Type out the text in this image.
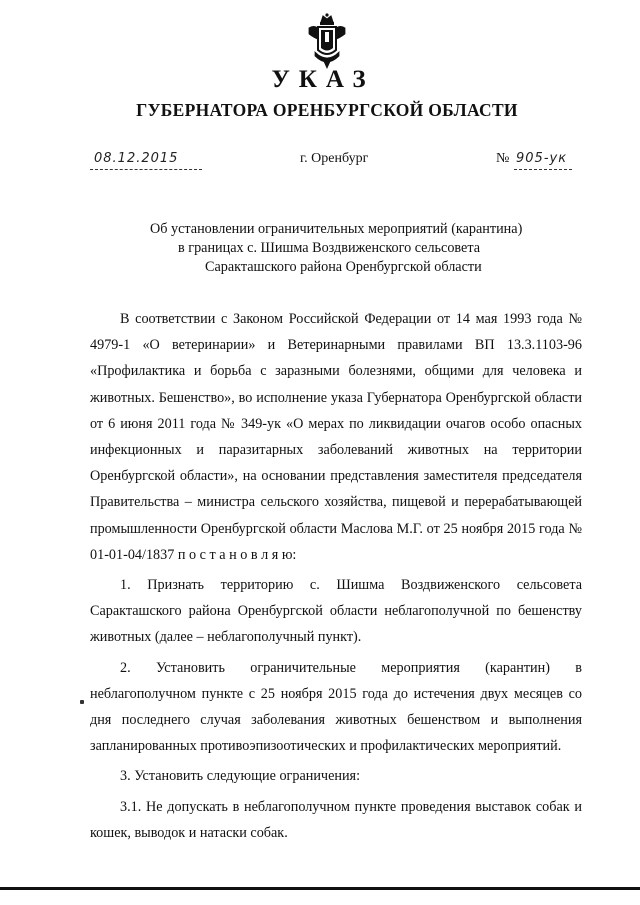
УКАЗ
ГУБЕРНАТОРА ОРЕНБУРГСКОЙ ОБЛАСТИ
08.12.2015	г. Оренбург	№ 905-ук
Об установлении ограничительных мероприятий (карантина)
в границах с. Шишма Воздвиженского сельсовета
Саракташского района Оренбургской области

В соответствии с Законом Российской Федерации от 14 мая 1993 года № 4979-1 «О ветеринарии» и Ветеринарными правилами ВП 13.3.1103-96 «Профилактика и борьба с заразными болезнями, общими для человека и животных. Бешенство», во исполнение указа Губернатора Оренбургской области от 6 июня 2011 года № 349-ук «О мерах по ликвидации очагов особо опасных инфекционных и паразитарных заболеваний животных на территории Оренбургской области», на основании представления заместителя председателя Правительства – министра сельского хозяйства, пищевой и перерабатывающей промышленности Оренбургской области Маслова М.Г. от 25 ноября 2015 года № 01-01-04/1837 п о с т а н о в л я ю:

1. Признать территорию с. Шишма Воздвиженского сельсовета Саракташского района Оренбургской области неблагополучной по бешенству животных (далее – неблагополучный пункт).

2. Установить ограничительные мероприятия (карантин) в неблагополучном пункте с 25 ноября 2015 года до истечения двух месяцев со дня последнего случая заболевания животных бешенством и выполнения запланированных противоэпизоотических и профилактических мероприятий.

3. Установить следующие ограничения:

3.1. Не допускать в неблагополучном пункте проведения выставок собак и кошек, выводок и натаски собак.
